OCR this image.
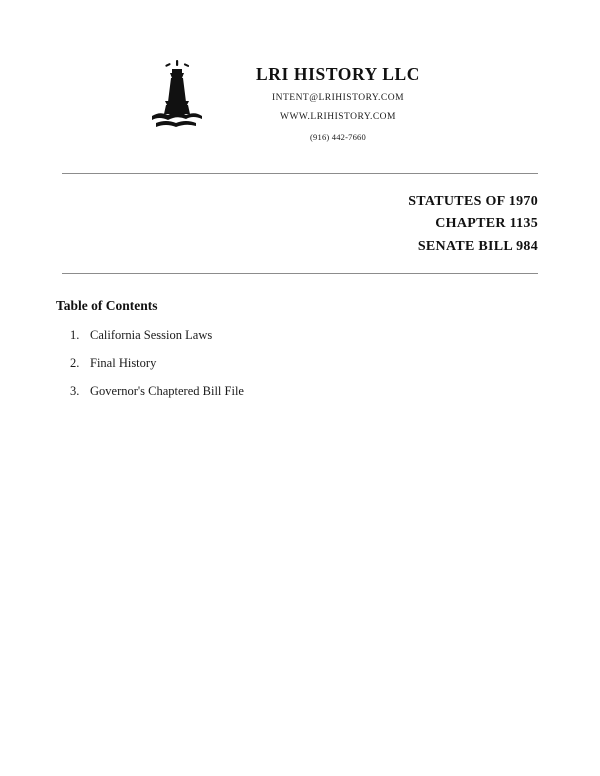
LRI HISTORY LLC
INTENT@LRIHISTORY.COM
WWW.LRIHISTORY.COM
(916) 442-7660
STATUTES OF 1970
CHAPTER 1135
SENATE BILL 984
Table of Contents
1. California Session Laws
2. Final History
3. Governor's Chaptered Bill File
